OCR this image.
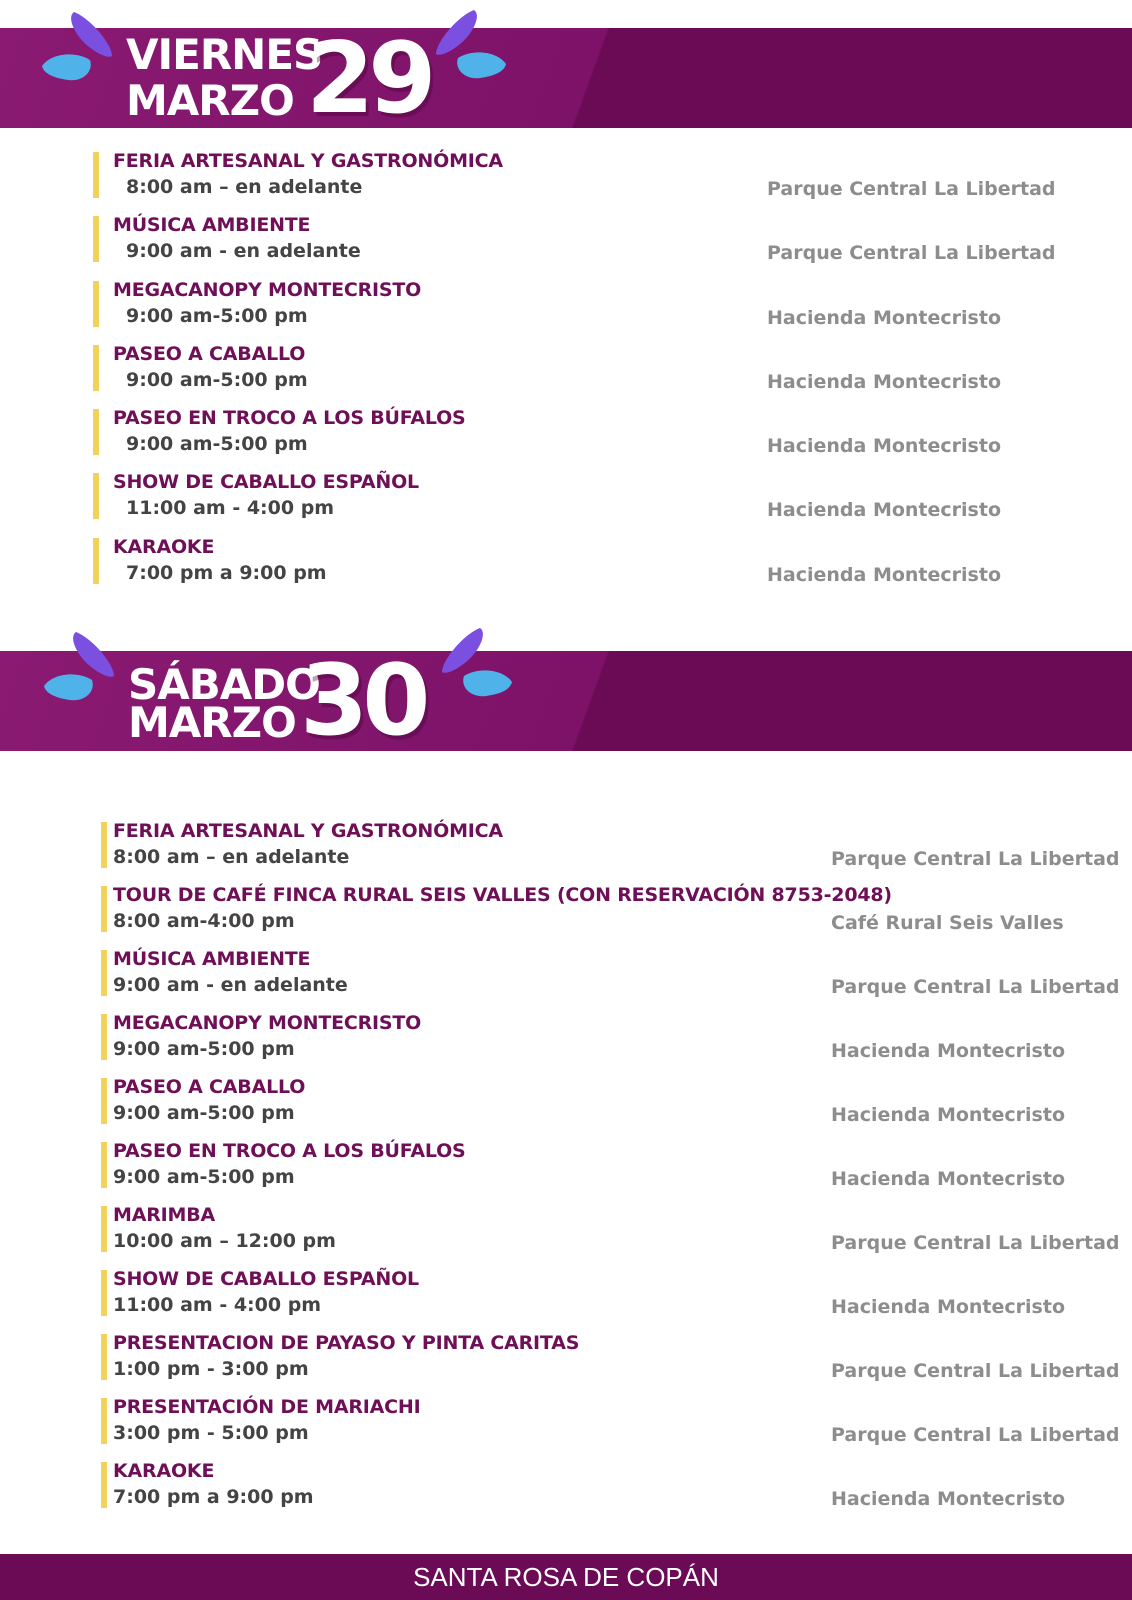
VIERNES
MARZO 29
FERIA ARTESANAL Y GASTRONÓMICA
8:00 am – en adelante	Parque Central La Libertad
MÚSICA AMBIENTE
9:00 am - en adelante	Parque Central La Libertad
MEGACANOPY MONTECRISTO
9:00 am-5:00 pm	Hacienda Montecristo
PASEO A CABALLO
9:00 am-5:00 pm	Hacienda Montecristo
PASEO EN TROCO A LOS BÚFALOS
9:00 am-5:00 pm	Hacienda Montecristo
SHOW DE CABALLO ESPAÑOL
11:00 am - 4:00 pm	Hacienda Montecristo
KARAOKE
7:00 pm a 9:00 pm	Hacienda Montecristo
SÁBADO
MARZO 30
FERIA ARTESANAL Y GASTRONÓMICA
8:00 am – en adelante	Parque Central La Libertad
TOUR DE CAFÉ FINCA RURAL SEIS VALLES (CON RESERVACIÓN 8753-2048)
8:00 am-4:00 pm	Café Rural Seis Valles
MÚSICA AMBIENTE
9:00 am - en adelante	Parque Central La Libertad
MEGACANOPY MONTECRISTO
9:00 am-5:00 pm	Hacienda Montecristo
PASEO A CABALLO
9:00 am-5:00 pm	Hacienda Montecristo
PASEO EN TROCO A LOS BÚFALOS
9:00 am-5:00 pm	Hacienda Montecristo
MARIMBA
10:00 am – 12:00 pm	Parque Central La Libertad
SHOW DE CABALLO ESPAÑOL
11:00 am - 4:00 pm	Hacienda Montecristo
PRESENTACION DE PAYASO Y PINTA CARITAS
1:00 pm - 3:00 pm	Parque Central La Libertad
PRESENTACIÓN DE MARIACHI
3:00 pm - 5:00 pm	Parque Central La Libertad
KARAOKE
7:00 pm a 9:00 pm	Hacienda Montecristo
SANTA ROSA DE COPÁN
